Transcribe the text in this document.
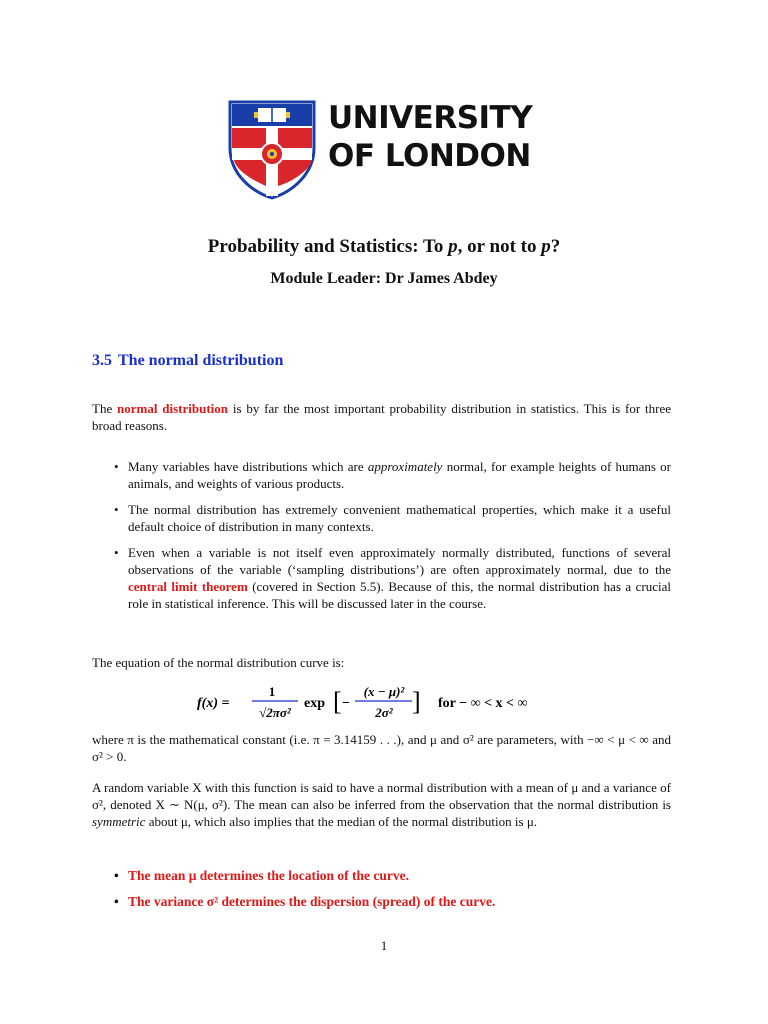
UNIVERSITY
OF LONDON
Probability and Statistics: To p, or not to p?
Module Leader: Dr James Abdey
3.5 The normal distribution
The normal distribution is by far the most important probability distribution in statistics. This is for three broad reasons.
• Many variables have distributions which are approximately normal, for example heights of humans or animals, and weights of various products.
• The normal distribution has extremely convenient mathematical properties, which make it a useful default choice of distribution in many contexts.
• Even when a variable is not itself even approximately normally distributed, functions of several observations of the variable (‘sampling distributions’) are often approximately normal, due to the central limit theorem (covered in Section 5.5). Because of this, the normal distribution has a crucial role in statistical inference. This will be discussed later in the course.
The equation of the normal distribution curve is:
f(x) =
1
√2πσ²
exp [ −
(x − μ)²
2σ² ] for − ∞ < x < ∞
where π is the mathematical constant (i.e. π = 3.14159 . . .), and μ and σ² are parameters, with −∞ < μ < ∞ and σ² > 0.
A random variable X with this function is said to have a normal distribution with a mean of μ and a variance of σ², denoted X ∼ N(μ, σ²). The mean can also be inferred from the observation that the normal distribution is symmetric about μ, which also implies that the median of the normal distribution is μ.
• The mean μ determines the location of the curve.
• The variance σ² determines the dispersion (spread) of the curve.
1
